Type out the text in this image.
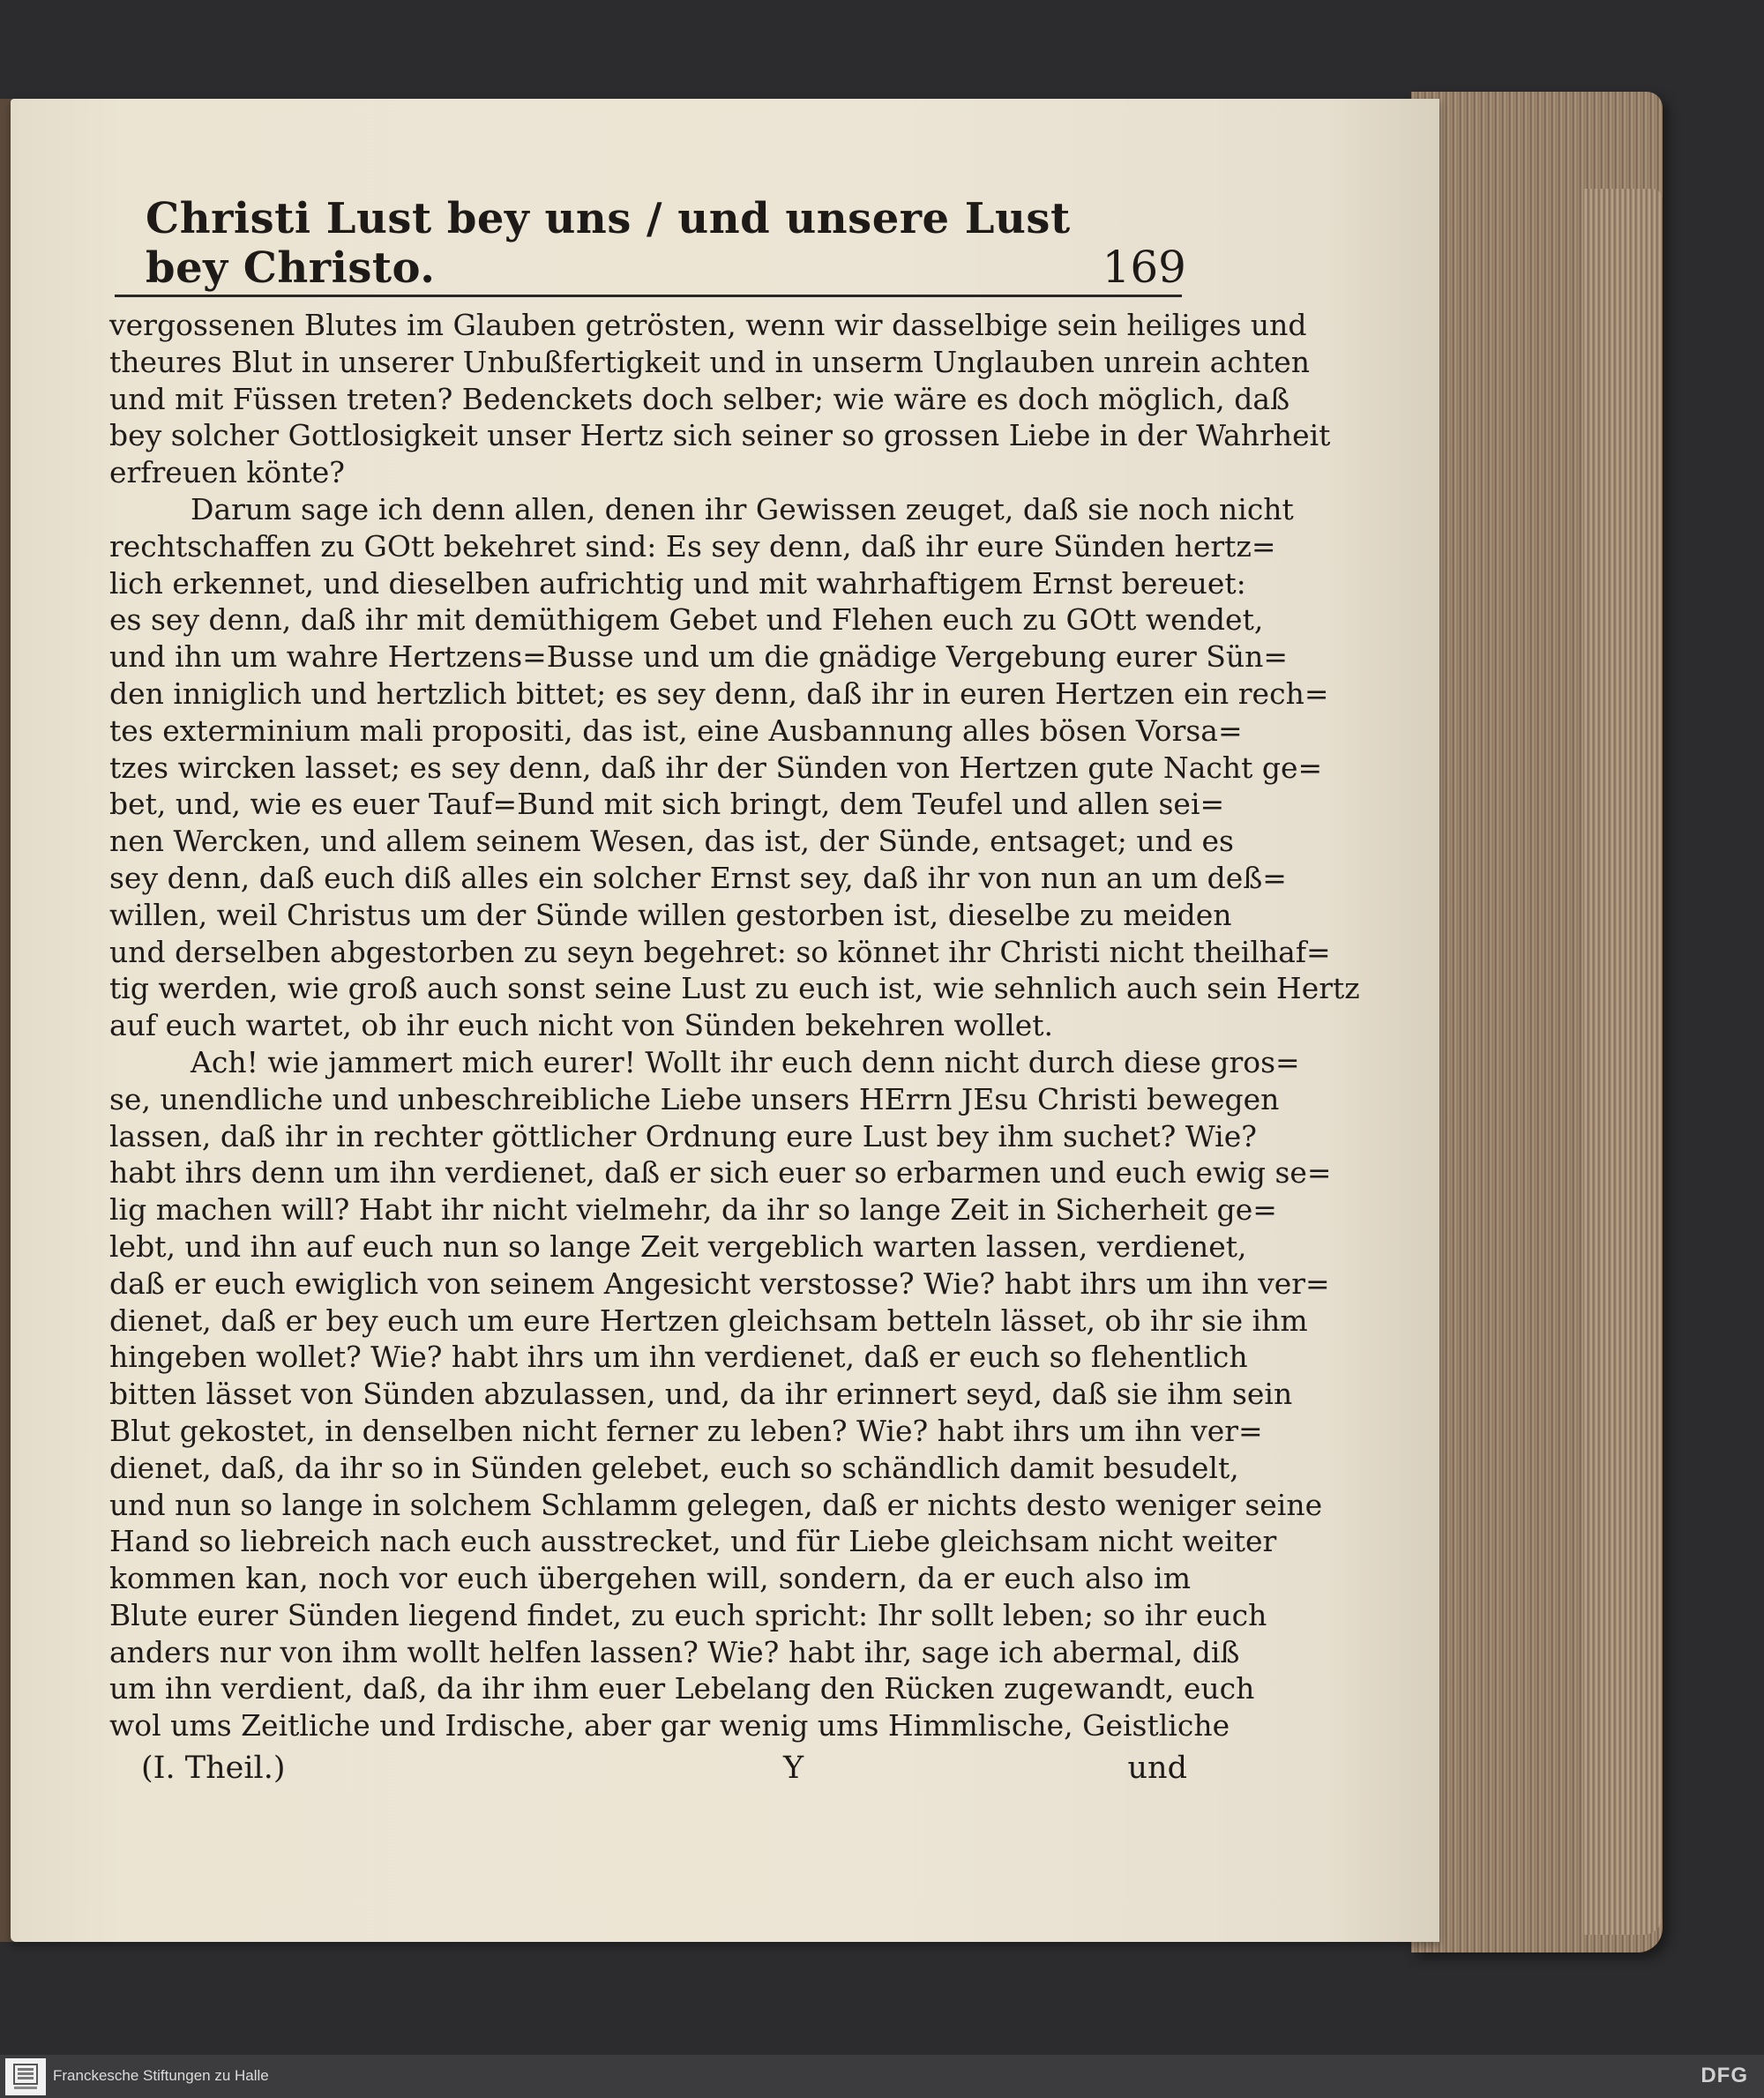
Christi Lust bey uns / und unsere Lust bey Christo.	169
vergossenen Blutes im Glauben getrösten, wenn wir dasselbige sein heiliges und
theures Blut in unserer Unbußfertigkeit und in unserm Unglauben unrein achten
und mit Füssen treten? Bedenckets doch selber; wie wäre es doch möglich, daß
bey solcher Gottlosigkeit unser Hertz sich seiner so grossen Liebe in der Wahrheit
erfreuen könte?
Darum sage ich denn allen, denen ihr Gewissen zeuget, daß sie noch nicht
rechtschaffen zu GOtt bekehret sind: Es sey denn, daß ihr eure Sünden hertz=
lich erkennet, und dieselben aufrichtig und mit wahrhaftigem Ernst bereuet:
es sey denn, daß ihr mit demüthigem Gebet und Flehen euch zu GOtt wendet,
und ihn um wahre Hertzens=Busse und um die gnädige Vergebung eurer Sün=
den inniglich und hertzlich bittet; es sey denn, daß ihr in euren Hertzen ein rech=
tes exterminium mali propositi, das ist, eine Ausbannung alles bösen Vorsa=
tzes wircken lasset; es sey denn, daß ihr der Sünden von Hertzen gute Nacht ge=
bet, und, wie es euer Tauf=Bund mit sich bringt, dem Teufel und allen sei=
nen Wercken, und allem seinem Wesen, das ist, der Sünde, entsaget; und es
sey denn, daß euch diß alles ein solcher Ernst sey, daß ihr von nun an um deß=
willen, weil Christus um der Sünde willen gestorben ist, dieselbe zu meiden
und derselben abgestorben zu seyn begehret: so könnet ihr Christi nicht theilhaf=
tig werden, wie groß auch sonst seine Lust zu euch ist, wie sehnlich auch sein Hertz
auf euch wartet, ob ihr euch nicht von Sünden bekehren wollet.
Ach! wie jammert mich eurer! Wollt ihr euch denn nicht durch diese gros=
se, unendliche und unbeschreibliche Liebe unsers HErrn JEsu Christi bewegen
lassen, daß ihr in rechter göttlicher Ordnung eure Lust bey ihm suchet? Wie?
habt ihrs denn um ihn verdienet, daß er sich euer so erbarmen und euch ewig se=
lig machen will? Habt ihr nicht vielmehr, da ihr so lange Zeit in Sicherheit ge=
lebt, und ihn auf euch nun so lange Zeit vergeblich warten lassen, verdienet,
daß er euch ewiglich von seinem Angesicht verstosse? Wie? habt ihrs um ihn ver=
dienet, daß er bey euch um eure Hertzen gleichsam betteln lässet, ob ihr sie ihm
hingeben wollet? Wie? habt ihrs um ihn verdienet, daß er euch so flehentlich
bitten lässet von Sünden abzulassen, und, da ihr erinnert seyd, daß sie ihm sein
Blut gekostet, in denselben nicht ferner zu leben? Wie? habt ihrs um ihn ver=
dienet, daß, da ihr so in Sünden gelebet, euch so schändlich damit besudelt,
und nun so lange in solchem Schlamm gelegen, daß er nichts desto weniger seine
Hand so liebreich nach euch ausstrecket, und für Liebe gleichsam nicht weiter
kommen kan, noch vor euch übergehen will, sondern, da er euch also im
Blute eurer Sünden liegend findet, zu euch spricht: Ihr sollt leben; so ihr euch
anders nur von ihm wollt helfen lassen? Wie? habt ihr, sage ich abermal, diß
um ihn verdient, daß, da ihr ihm euer Lebelang den Rücken zugewandt, euch
wol ums Zeitliche und Irdische, aber gar wenig ums Himmlische, Geistliche
(I. Theil.)	Y	und
Franckesche Stiftungen zu Halle	DFG
